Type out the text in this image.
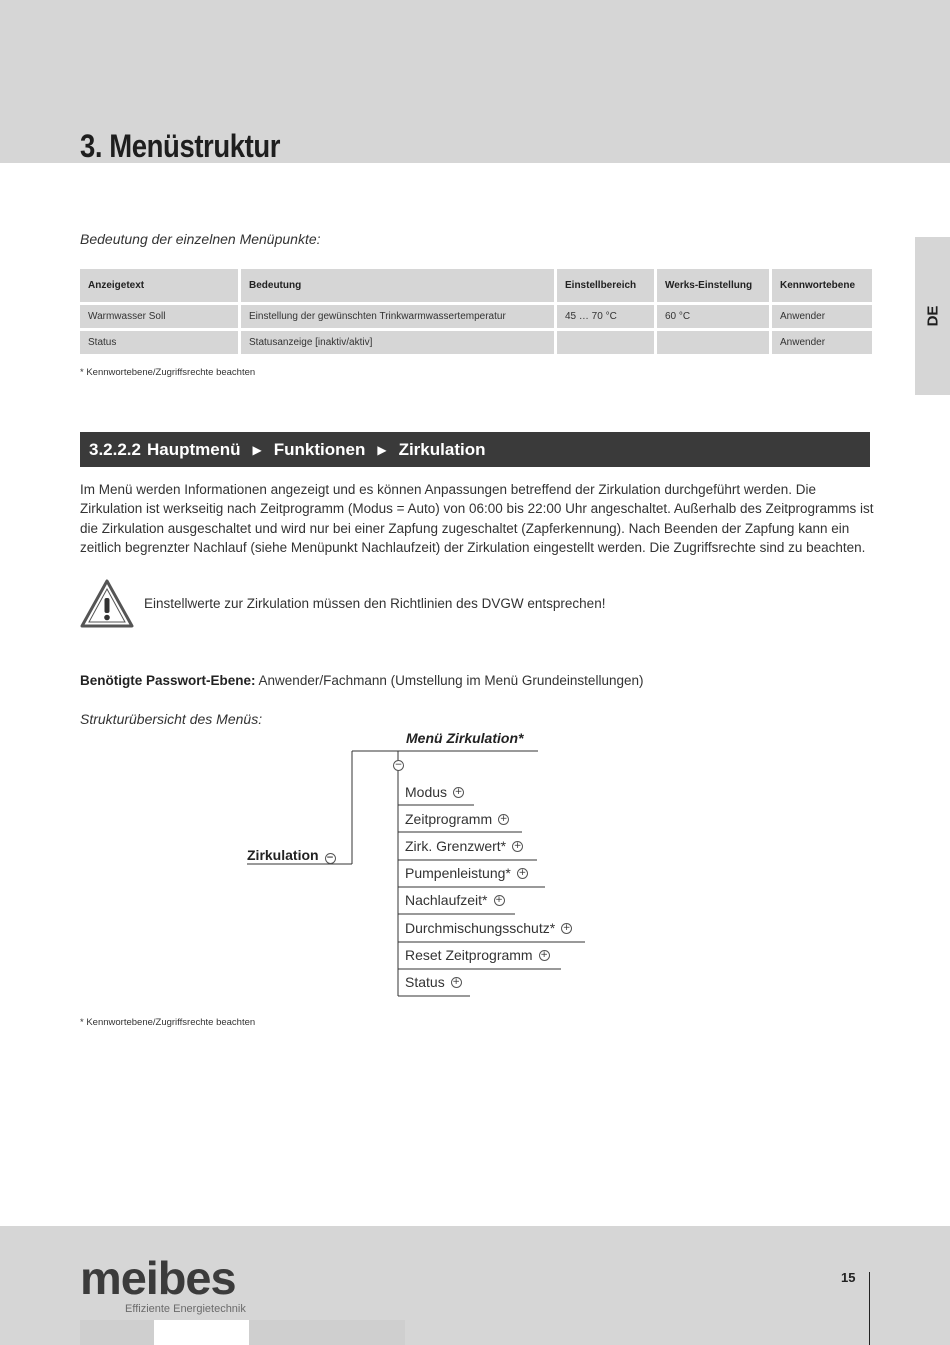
3. Menüstruktur
DE
Bedeutung der einzelnen Menüpunkte:
Anzeigetext	Bedeutung	Einstellbereich	Werks-Einstellung	Kennwortebene
Warmwasser Soll	Einstellung der gewünschten Trinkwarmwassertemperatur	45 … 70 °C	60 °C	Anwender
Status	Statusanzeige [inaktiv/aktiv]			Anwender
* Kennwortebene/Zugriffsrechte beachten
3.2.2.2 Hauptmenü ▶ Funktionen ▶ Zirkulation

Im Menü werden Informationen angezeigt und es können Anpassungen betreffend der Zirkulation durchgeführt werden. Die Zirkulation ist werkseitig nach Zeitprogramm (Modus = Auto) von 06:00 bis 22:00 Uhr angeschaltet. Außerhalb des Zeitprogramms ist die Zirkulation ausgeschaltet und wird nur bei einer Zapfung zugeschaltet (Zapferkennung). Nach Beenden der Zapfung kann ein zeitlich begrenzter Nachlauf (siehe Menüpunkt Nachlaufzeit) der Zirkulation eingestellt werden. Die Zugriffsrechte sind zu beachten.

Einstellwerte zur Zirkulation müssen den Richtlinien des DVGW entsprechen!
Benötigte Passwort-Ebene: Anwender/Fachmann (Umstellung im Menü Grundeinstellungen)
Strukturübersicht des Menüs:
Menü Zirkulation*
−
Zirkulation −
Modus +
Zeitprogramm +
Zirk. Grenzwert* +
Pumpenleistung* +
Nachlaufzeit* +
Durchmischungsschutz* +
Reset Zeitprogramm +
Status +
* Kennwortebene/Zugriffsrechte beachten
meibes
Effiziente Energietechnik
15
